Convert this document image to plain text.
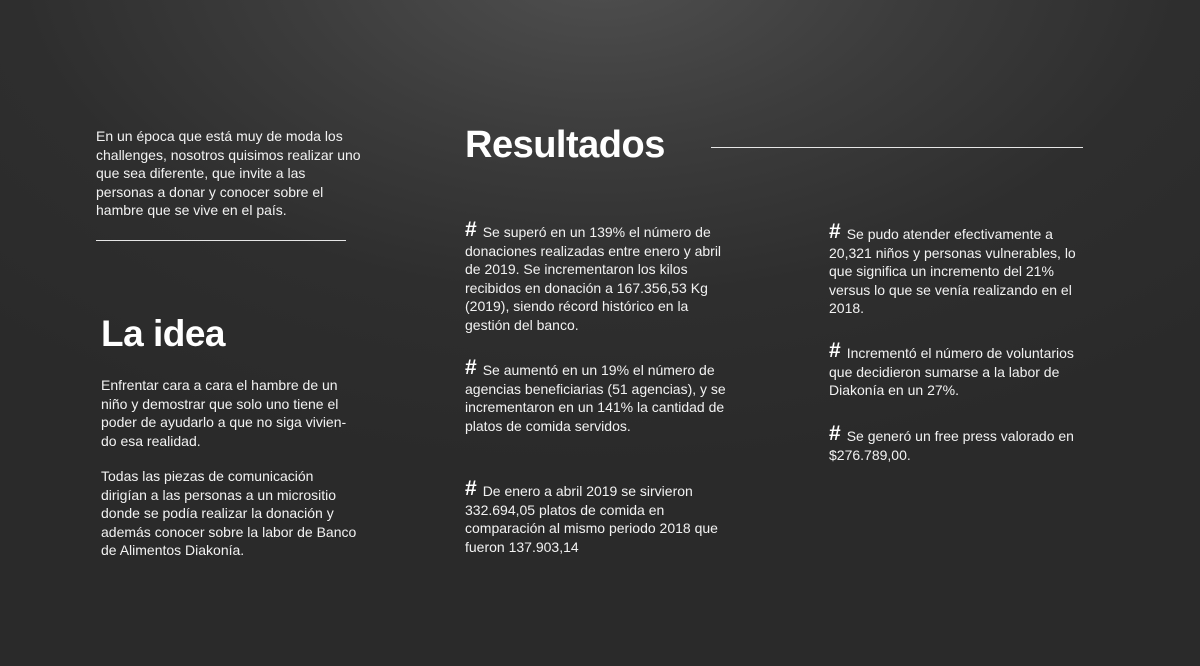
En un época que está muy de moda los challenges, nosotros quisimos realizar uno que sea diferente, que invite a las personas a donar y conocer sobre el hambre que se vive en el país.
La idea
Enfrentar cara a cara el hambre de un niño y demostrar que solo uno tiene el poder de ayudarlo a que no siga vivien-do esa realidad.
Todas las piezas de comunicación dirigían a las personas a un micrositio donde se podía realizar la donación y además conocer sobre la labor de Banco de Alimentos Diakonía.
Resultados
# Se superó en un 139% el número de donaciones realizadas entre enero y abril de 2019. Se incrementaron los kilos recibidos en donación a 167.356,53 Kg (2019), siendo récord histórico en la gestión del banco.
# Se aumentó en un 19% el número de agencias beneficiarias (51 agencias), y se incrementaron en un 141% la cantidad de platos de comida servidos.
# De enero a abril 2019 se sirvieron 332.694,05 platos de comida en comparación al mismo periodo 2018 que fueron 137.903,14
# Se pudo atender efectivamente a 20,321 niños y personas vulnerables, lo que significa un incremento del 21% versus lo que se venía realizando en el 2018.
# Incrementó el número de voluntarios que decidieron sumarse a la labor de Diakonía en un 27%.
# Se generó un free press valorado en $276.789,00.
